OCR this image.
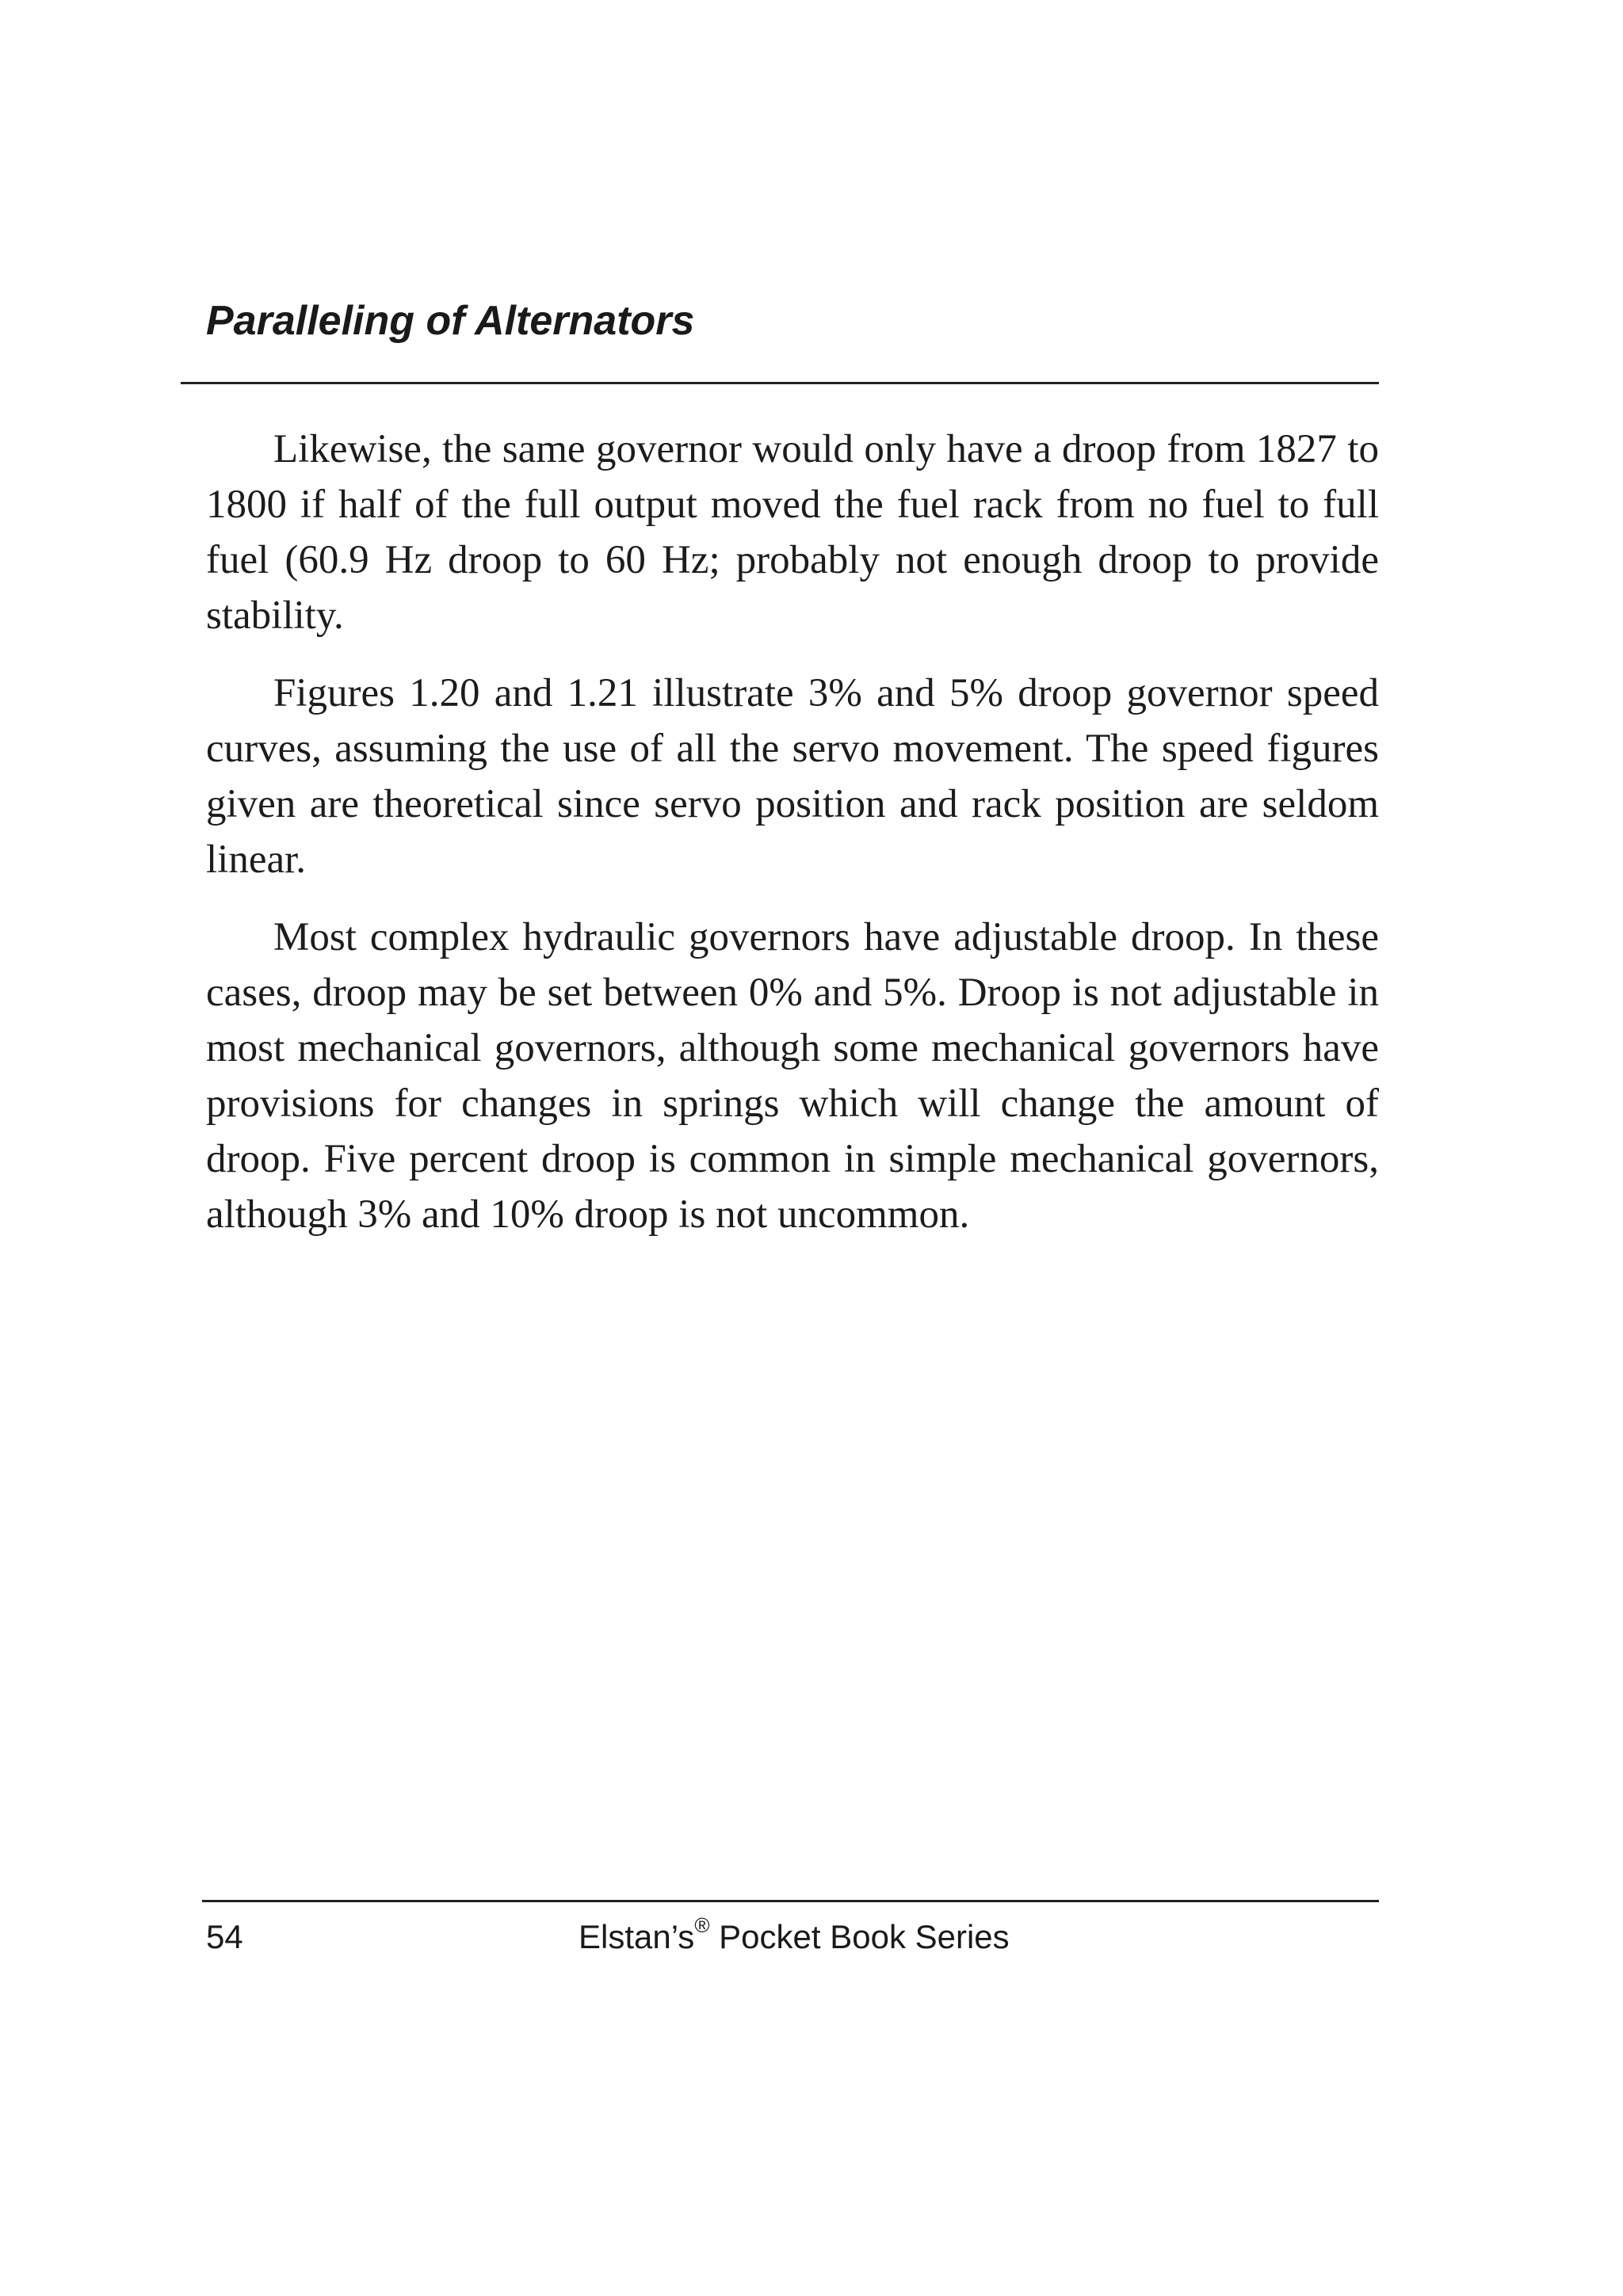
Paralleling of Alternators

Likewise, the same governor would only have a droop from 1827 to 1800 if half of the full output moved the fuel rack from no fuel to full fuel (60.9 Hz droop to 60 Hz; probably not enough droop to provide stability.

Figures 1.20 and 1.21 illustrate 3% and 5% droop governor speed curves, assuming the use of all the servo movement. The speed figures given are theoretical since servo position and rack position are seldom linear.

Most complex hydraulic governors have adjustable droop. In these cases, droop may be set between 0% and 5%. Droop is not adjustable in most mechanical governors, although some mechanical governors have provisions for changes in springs which will change the amount of droop. Five percent droop is common in simple mechanical governors, although 3% and 10% droop is not uncommon.

54	Elstan’s® Pocket Book Series
